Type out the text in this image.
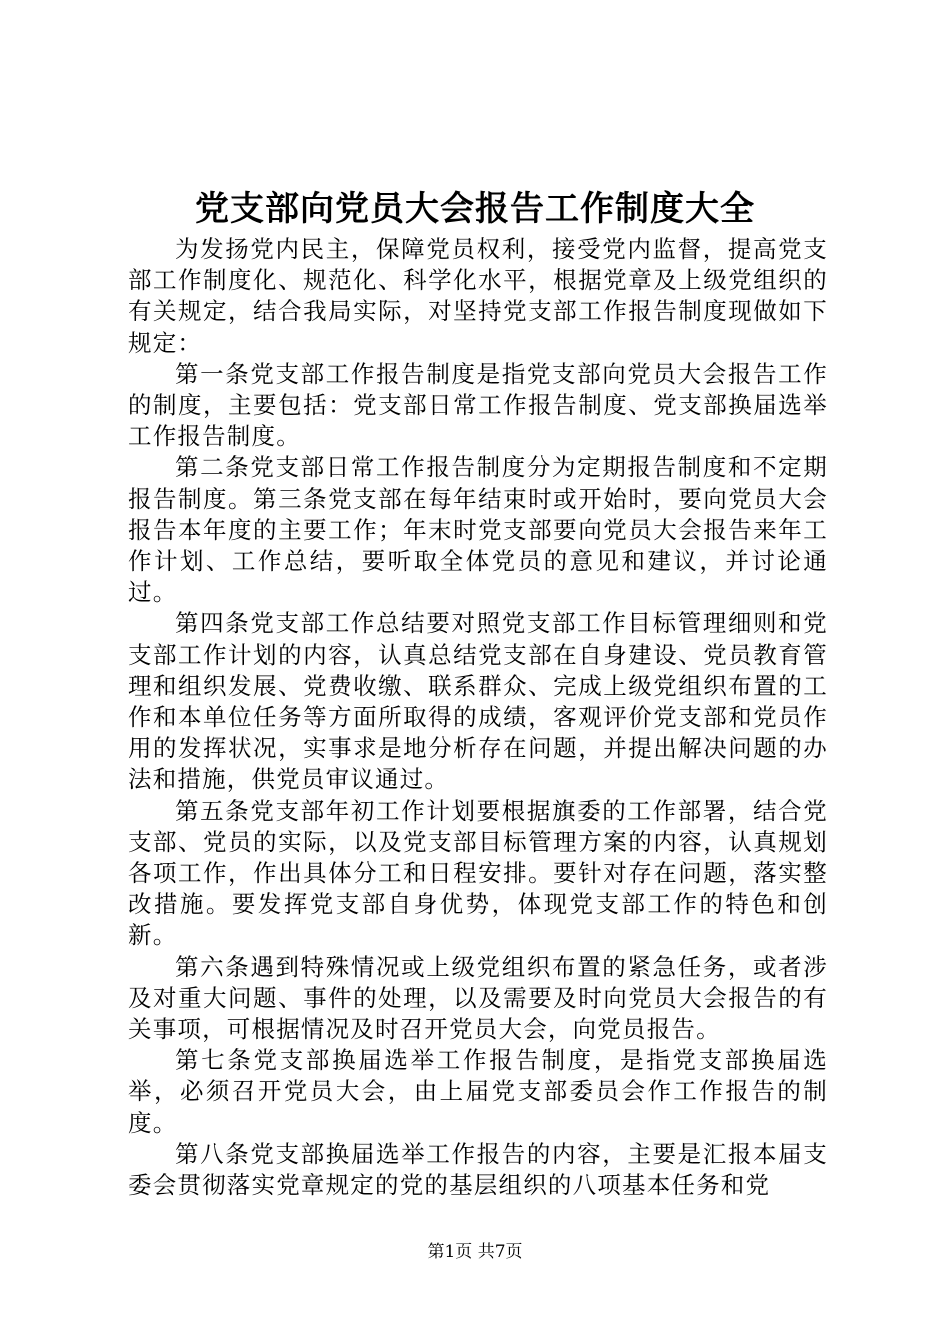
党支部向党员大会报告工作制度大全

为发扬党内民主，保障党员权利，接受党内监督，提高党支部工作制度化、规范化、科学化水平，根据党章及上级党组织的有关规定，结合我局实际，对坚持党支部工作报告制度现做如下规定：

第一条党支部工作报告制度是指党支部向党员大会报告工作的制度，主要包括：党支部日常工作报告制度、党支部换届选举工作报告制度。

第二条党支部日常工作报告制度分为定期报告制度和不定期报告制度。第三条党支部在每年结束时或开始时，要向党员大会报告本年度的主要工作；年末时党支部要向党员大会报告来年工作计划、工作总结，要听取全体党员的意见和建议，并讨论通过。

第四条党支部工作总结要对照党支部工作目标管理细则和党支部工作计划的内容，认真总结党支部在自身建设、党员教育管理和组织发展、党费收缴、联系群众、完成上级党组织布置的工作和本单位任务等方面所取得的成绩，客观评价党支部和党员作用的发挥状况，实事求是地分析存在问题，并提出解决问题的办法和措施，供党员审议通过。

第五条党支部年初工作计划要根据旗委的工作部署，结合党支部、党员的实际，以及党支部目标管理方案的内容，认真规划各项工作，作出具体分工和日程安排。要针对存在问题，落实整改措施。要发挥党支部自身优势，体现党支部工作的特色和创新。

第六条遇到特殊情况或上级党组织布置的紧急任务，或者涉及对重大问题、事件的处理，以及需要及时向党员大会报告的有关事项，可根据情况及时召开党员大会，向党员报告。

第七条党支部换届选举工作报告制度，是指党支部换届选举，必须召开党员大会，由上届党支部委员会作工作报告的制度。

第八条党支部换届选举工作报告的内容，主要是汇报本届支委会贯彻落实党章规定的党的基层组织的八项基本任务和党

第1页 共7页
